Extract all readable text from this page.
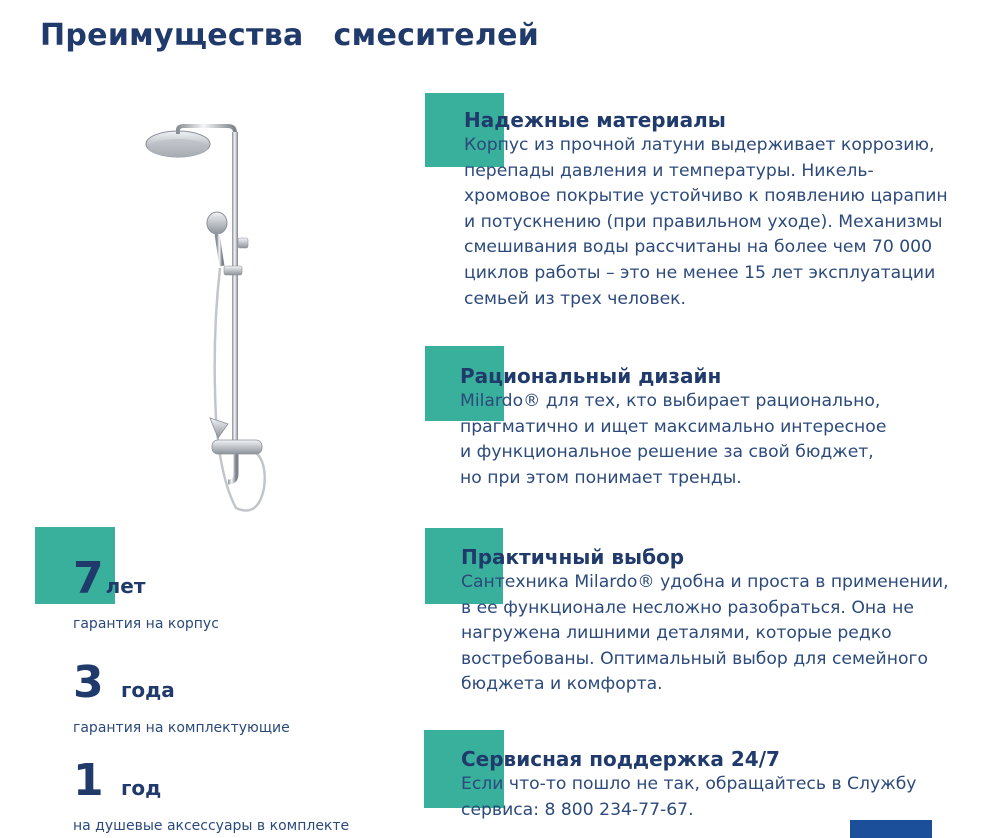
Преимущества смесителей
Надежные материалы

Корпус из прочной латуни выдерживает коррозию,
перепады давления и температуры. Никель-
хромовое покрытие устойчиво к появлению царапин
и потускнению (при правильном уходе). Механизмы
смешивания воды рассчитаны на более чем 70 000
циклов работы – это не менее 15 лет эксплуатации
семьей из трех человек.

Рациональный дизайн

Milardo® для тех, кто выбирает рационально,
прагматично и ищет максимально интересное
и функциональное решение за свой бюджет,
но при этом понимает тренды.

Практичный выбор

Сантехника Milardo® удобна и проста в применении,
в ее функционале несложно разобраться. Она не
нагружена лишними деталями, которые редко
востребованы. Оптимальный выбор для семейного
бюджета и комфорта.

Сервисная поддержка 24/7

Если что-то пошло не так, обращайтесь в Службу
сервиса: 8 800 234-77-67.

7 лет
гарантия на корпус
3 года
гарантия на комплектующие
1 год
на душевые аксессуары в комплекте
